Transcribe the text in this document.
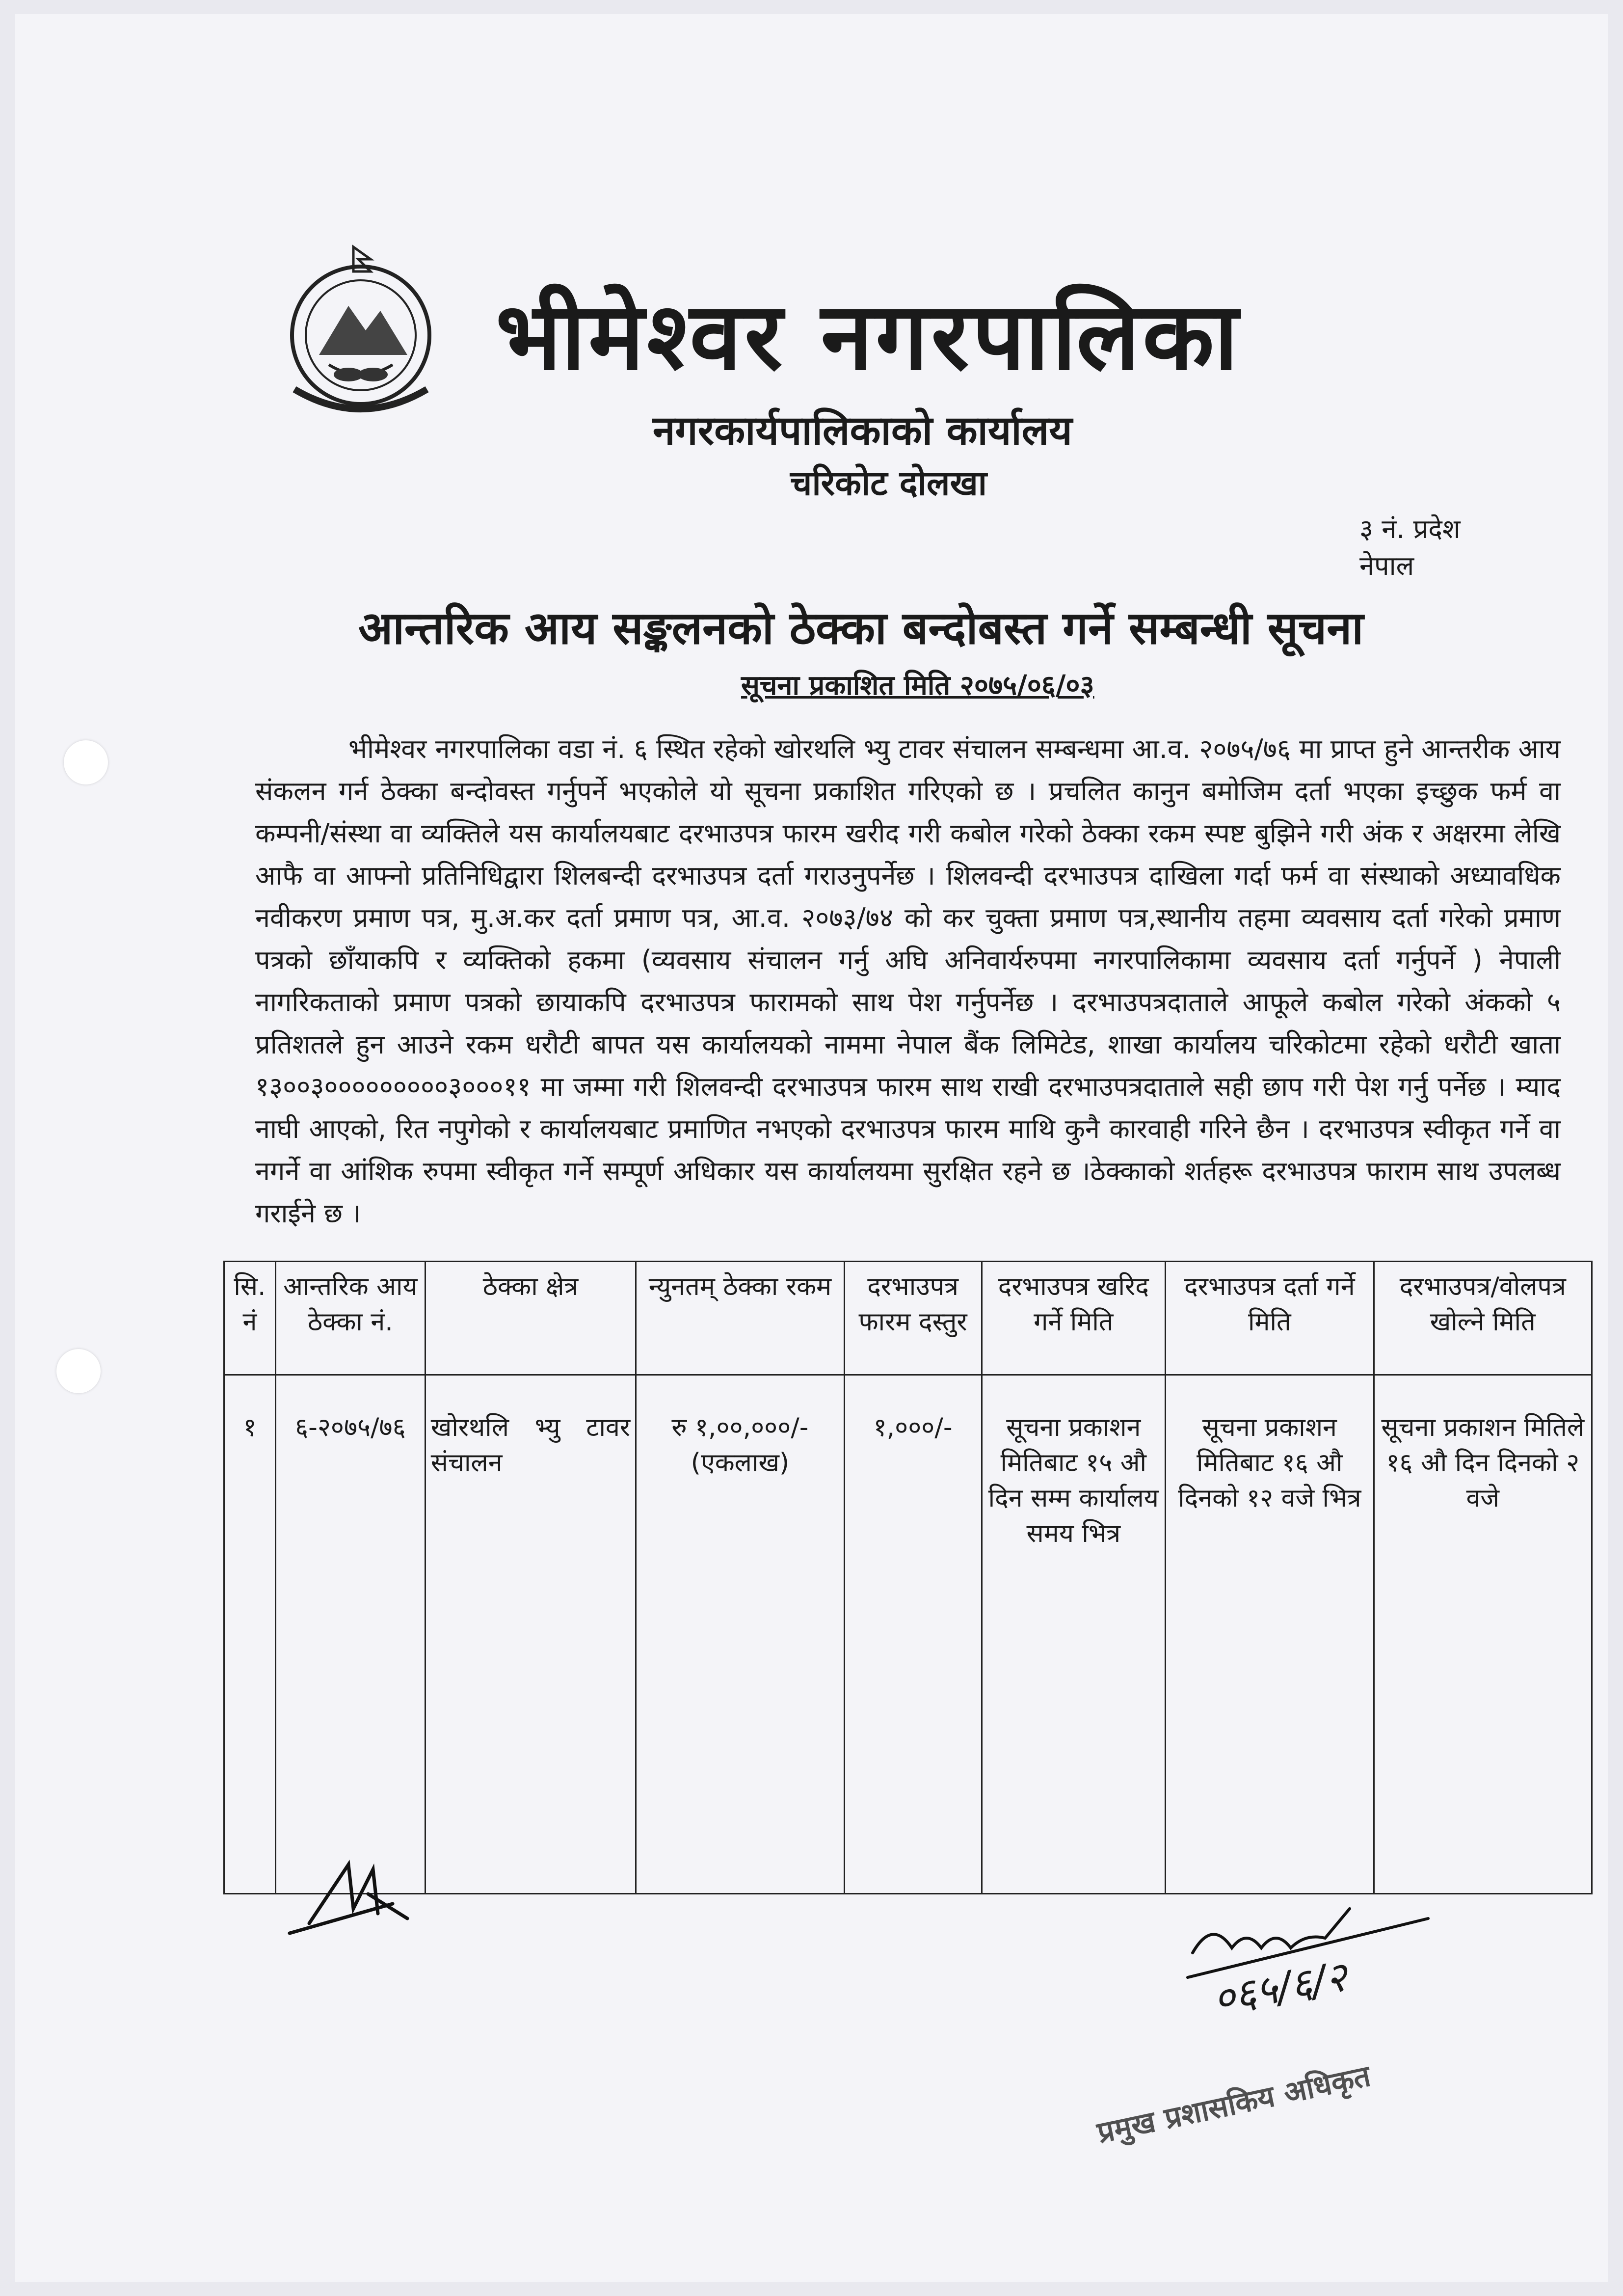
भीमेश्वर नगरपालिका
नगरकार्यपालिकाको कार्यालय
चरिकोट दोलखा
३ नं. प्रदेश
नेपाल
आन्तरिक आय सङ्कलनको ठेक्का बन्दोबस्त गर्ने सम्बन्धी सूचना
सूचना प्रकाशित मिति २०७५/०६/०३
भीमेश्वर नगरपालिका वडा नं. ६ स्थित रहेको खोरथलि भ्यु टावर संचालन सम्बन्धमा आ.व. २०७५/७६ मा प्राप्त हुने आन्तरीक आय संकलन गर्न ठेक्का बन्दोवस्त गर्नुपर्ने भएकोले यो सूचना प्रकाशित गरिएको छ । प्रचलित कानुन बमोजिम दर्ता भएका इच्छुक फर्म वा कम्पनी/संस्था वा व्यक्तिले यस कार्यालयबाट दरभाउपत्र फारम खरीद गरी कबोल गरेको ठेक्का रकम स्पष्ट बुझिने गरी अंक र अक्षरमा लेखि आफै वा आफ्नो प्रतिनिधिद्वारा शिलबन्दी दरभाउपत्र दर्ता गराउनुपर्नेछ । शिलवन्दी दरभाउपत्र दाखिला गर्दा फर्म वा संस्थाको अध्यावधिक नवीकरण प्रमाण पत्र, मु.अ.कर दर्ता प्रमाण पत्र, आ.व. २०७३/७४ को कर चुक्ता प्रमाण पत्र,स्थानीय तहमा व्यवसाय दर्ता गरेको प्रमाण पत्रको छाँयाकपि र व्यक्तिको हकमा (व्यवसाय संचालन गर्नु अघि अनिवार्यरुपमा नगरपालिकामा व्यवसाय दर्ता गर्नुपर्ने ) नेपाली नागरिकताको प्रमाण पत्रको छायाकपि दरभाउपत्र फारामको साथ पेश गर्नुपर्नेछ । दरभाउपत्रदाताले आफूले कबोल गरेको अंकको ५ प्रतिशतले हुन आउने रकम धरौटी बापत यस कार्यालयको नाममा नेपाल बैंक लिमिटेड, शाखा कार्यालय चरिकोटमा रहेको धरौटी खाता १३००३०००००००००३०००११ मा जम्मा गरी शिलवन्दी दरभाउपत्र फारम साथ राखी दरभाउपत्रदाताले सही छाप गरी पेश गर्नु पर्नेछ । म्याद नाघी आएको, रित नपुगेको र कार्यालयबाट प्रमाणित नभएको दरभाउपत्र फारम माथि कुनै कारवाही गरिने छैन । दरभाउपत्र स्वीकृत गर्ने वा नगर्ने वा आंशिक रुपमा स्वीकृत गर्ने सम्पूर्ण अधिकार यस कार्यालयमा सुरक्षित रहने छ ।ठेक्काको शर्तहरू दरभाउपत्र फाराम साथ उपलब्ध गराईने छ ।
सि. नं	आन्तरिक आय ठेक्का नं.	ठेक्का क्षेत्र	न्युनतम् ठेक्का रकम	दरभाउपत्र फारम दस्तुर	दरभाउपत्र खरिद गर्ने मिति	दरभाउपत्र दर्ता गर्ने मिति	दरभाउपत्र/वोलपत्र खोल्ने मिति
१	६-२०७५/७६	खोरथलि भ्यु टावर संचालन	रु १,००,०००/- (एकलाख)	१,०००/-	सूचना प्रकाशन मितिबाट १५ औ दिन सम्म कार्यालय समय भित्र	सूचना प्रकाशन मितिबाट १६ औ दिनको १२ वजे भित्र	सूचना प्रकाशन मितिले १६ औ दिन दिनको २ वजे
०६५/६/२
प्रमुख प्रशासकिय अधिकृत
